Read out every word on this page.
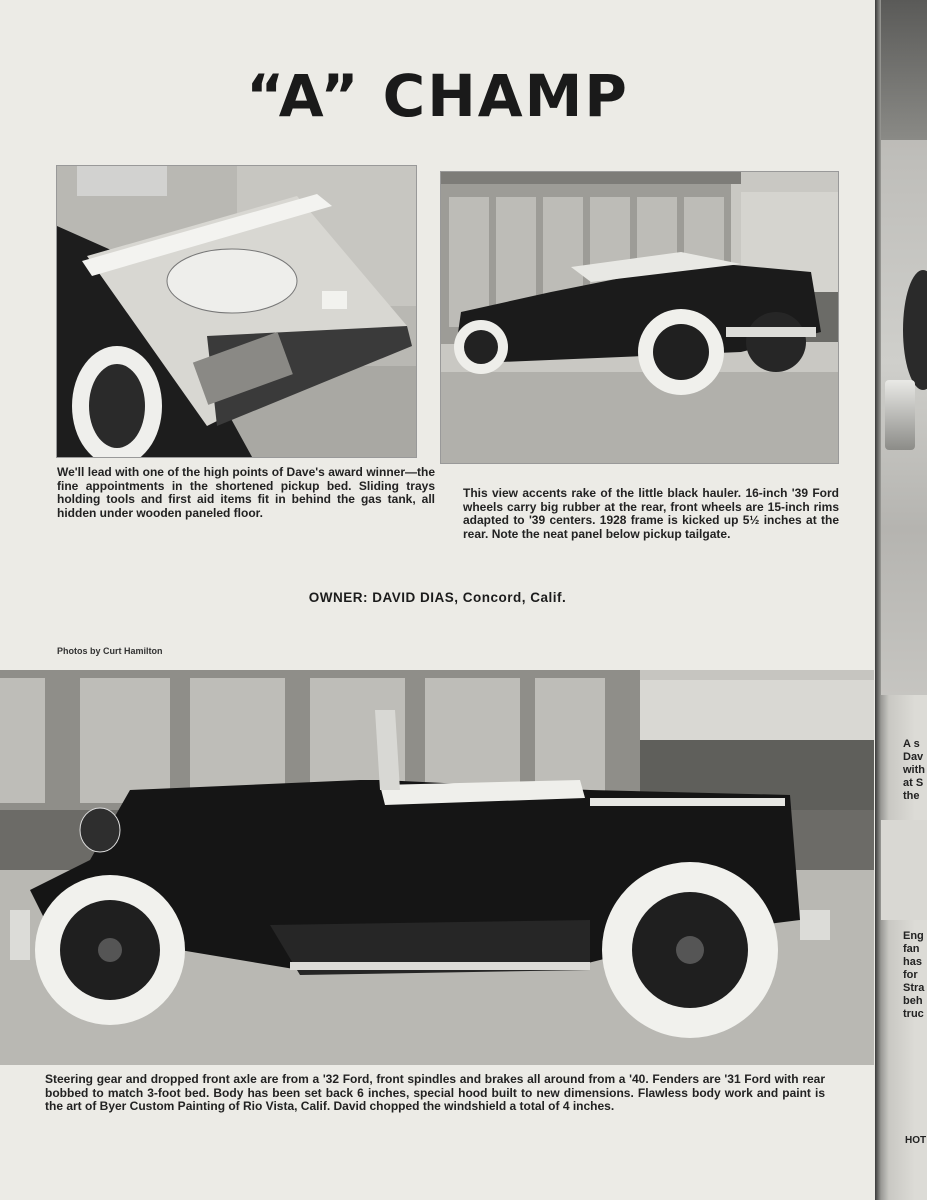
“A” CHAMP
We'll lead with one of the high points of Dave's award winner—the fine appointments in the shortened pickup bed. Sliding trays holding tools and first aid items fit in behind the gas tank, all hidden under wooden paneled floor.
This view accents rake of the little black hauler. 16-inch '39 Ford wheels carry big rubber at the rear, front wheels are 15-inch rims adapted to '39 centers. 1928 frame is kicked up 5½ inches at the rear. Note the neat panel below pickup tailgate.
OWNER: DAVID DIAS, Concord, Calif.
Photos by Curt Hamilton
Steering gear and dropped front axle are from a '32 Ford, front spindles and brakes all around from a '40. Fenders are '31 Ford with rear bobbed to match 3-foot bed. Body has been set back 6 inches, special hood built to new dimensions. Flawless body work and paint is the art of Byer Custom Painting of Rio Vista, Calif. David chopped the windshield a total of 4 inches.
A s
Dav
with
at S
the
Eng
fan
has
for
Stra
beh
truc
HOT
